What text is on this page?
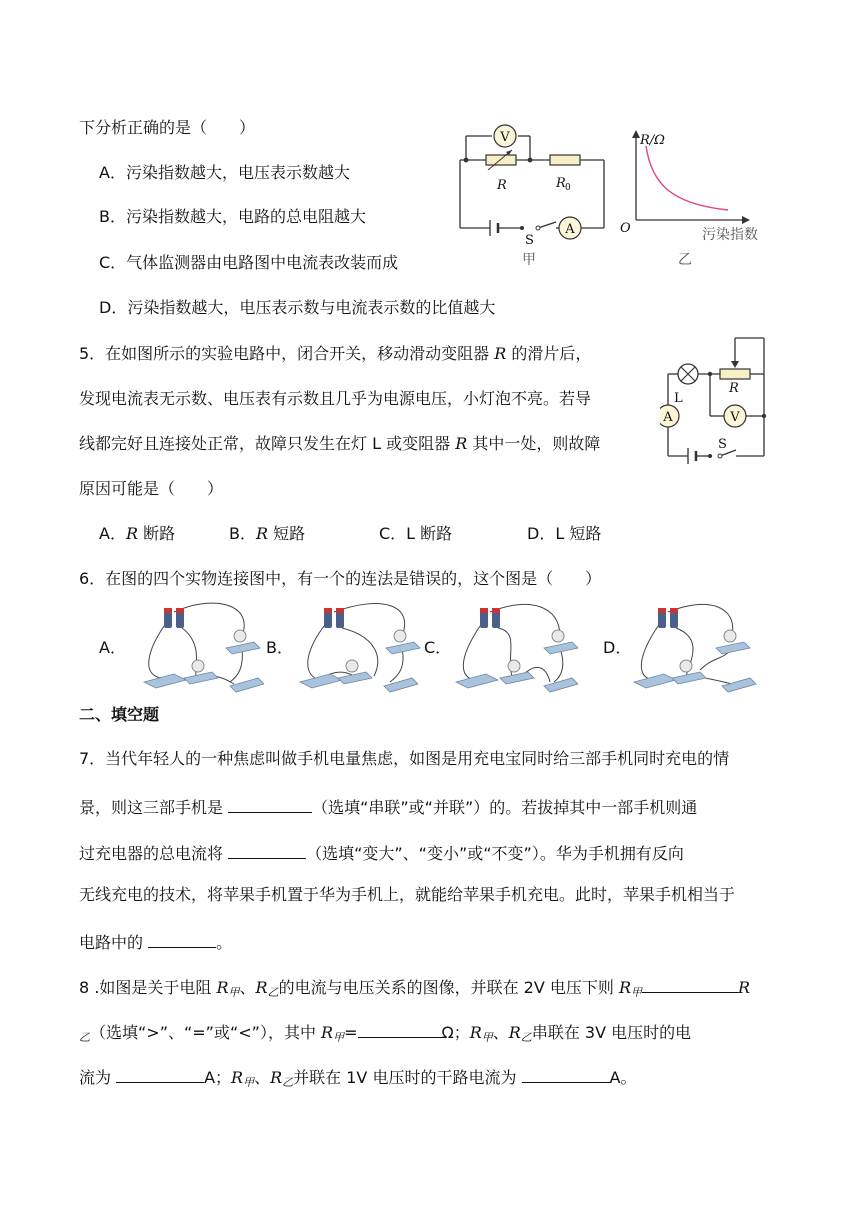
下分析正确的是（　　）
A．污染指数越大，电压表示数越大
B．污染指数越大，电路的总电阻越大
C．气体监测器由电路图中电流表改装而成
D．污染指数越大，电压表示数与电流表示数的比值越大
V
A
R	R 0
S
甲
R/Ω
O	污染指数
乙
5．在如图所示的实验电路中，闭合开关，移动滑动变阻器 R 的滑片后，
发现电流表无示数、电压表有示数且几乎为电源电压，小灯泡不亮。若导
线都完好且连接处正常，故障只发生在灯 L 或变阻器 R 其中一处，则故障
原因可能是（　　）
A．R 断路	B．R 短路	C．L 断路	D．L 短路
A	V
L
R
S
6．在图的四个实物连接图中，有一个的连法是错误的，这个图是（　　）
A．	B．	C．	D．
二、填空题
7．当代年轻人的一种焦虑叫做手机电量焦虑，如图是用充电宝同时给三部手机同时充电的情
景，则这三部手机是	（选填“串联”或“并联”）的。若拔掉其中一部手机则通
过充电器的总电流将	（选填“变大”、“变小”或“不变”）。华为手机拥有反向
无线充电的技术，将苹果手机置于华为手机上，就能给苹果手机充电。此时，苹果手机相当于
电路中的	。
8 .如图是关于电阻 $R_甲$、$R_乙$的电流与电压关系的图像，并联在 2V 电压下则 $R_甲$	R
$_乙$（选填“>”、“=”或“<”），其中 $R_甲=$	Ω；$R_甲$、$R_乙$串联在 3V 电压时的电
流为	A；$R_甲$、$R_乙$并联在 1V 电压时的干路电流为	A。
